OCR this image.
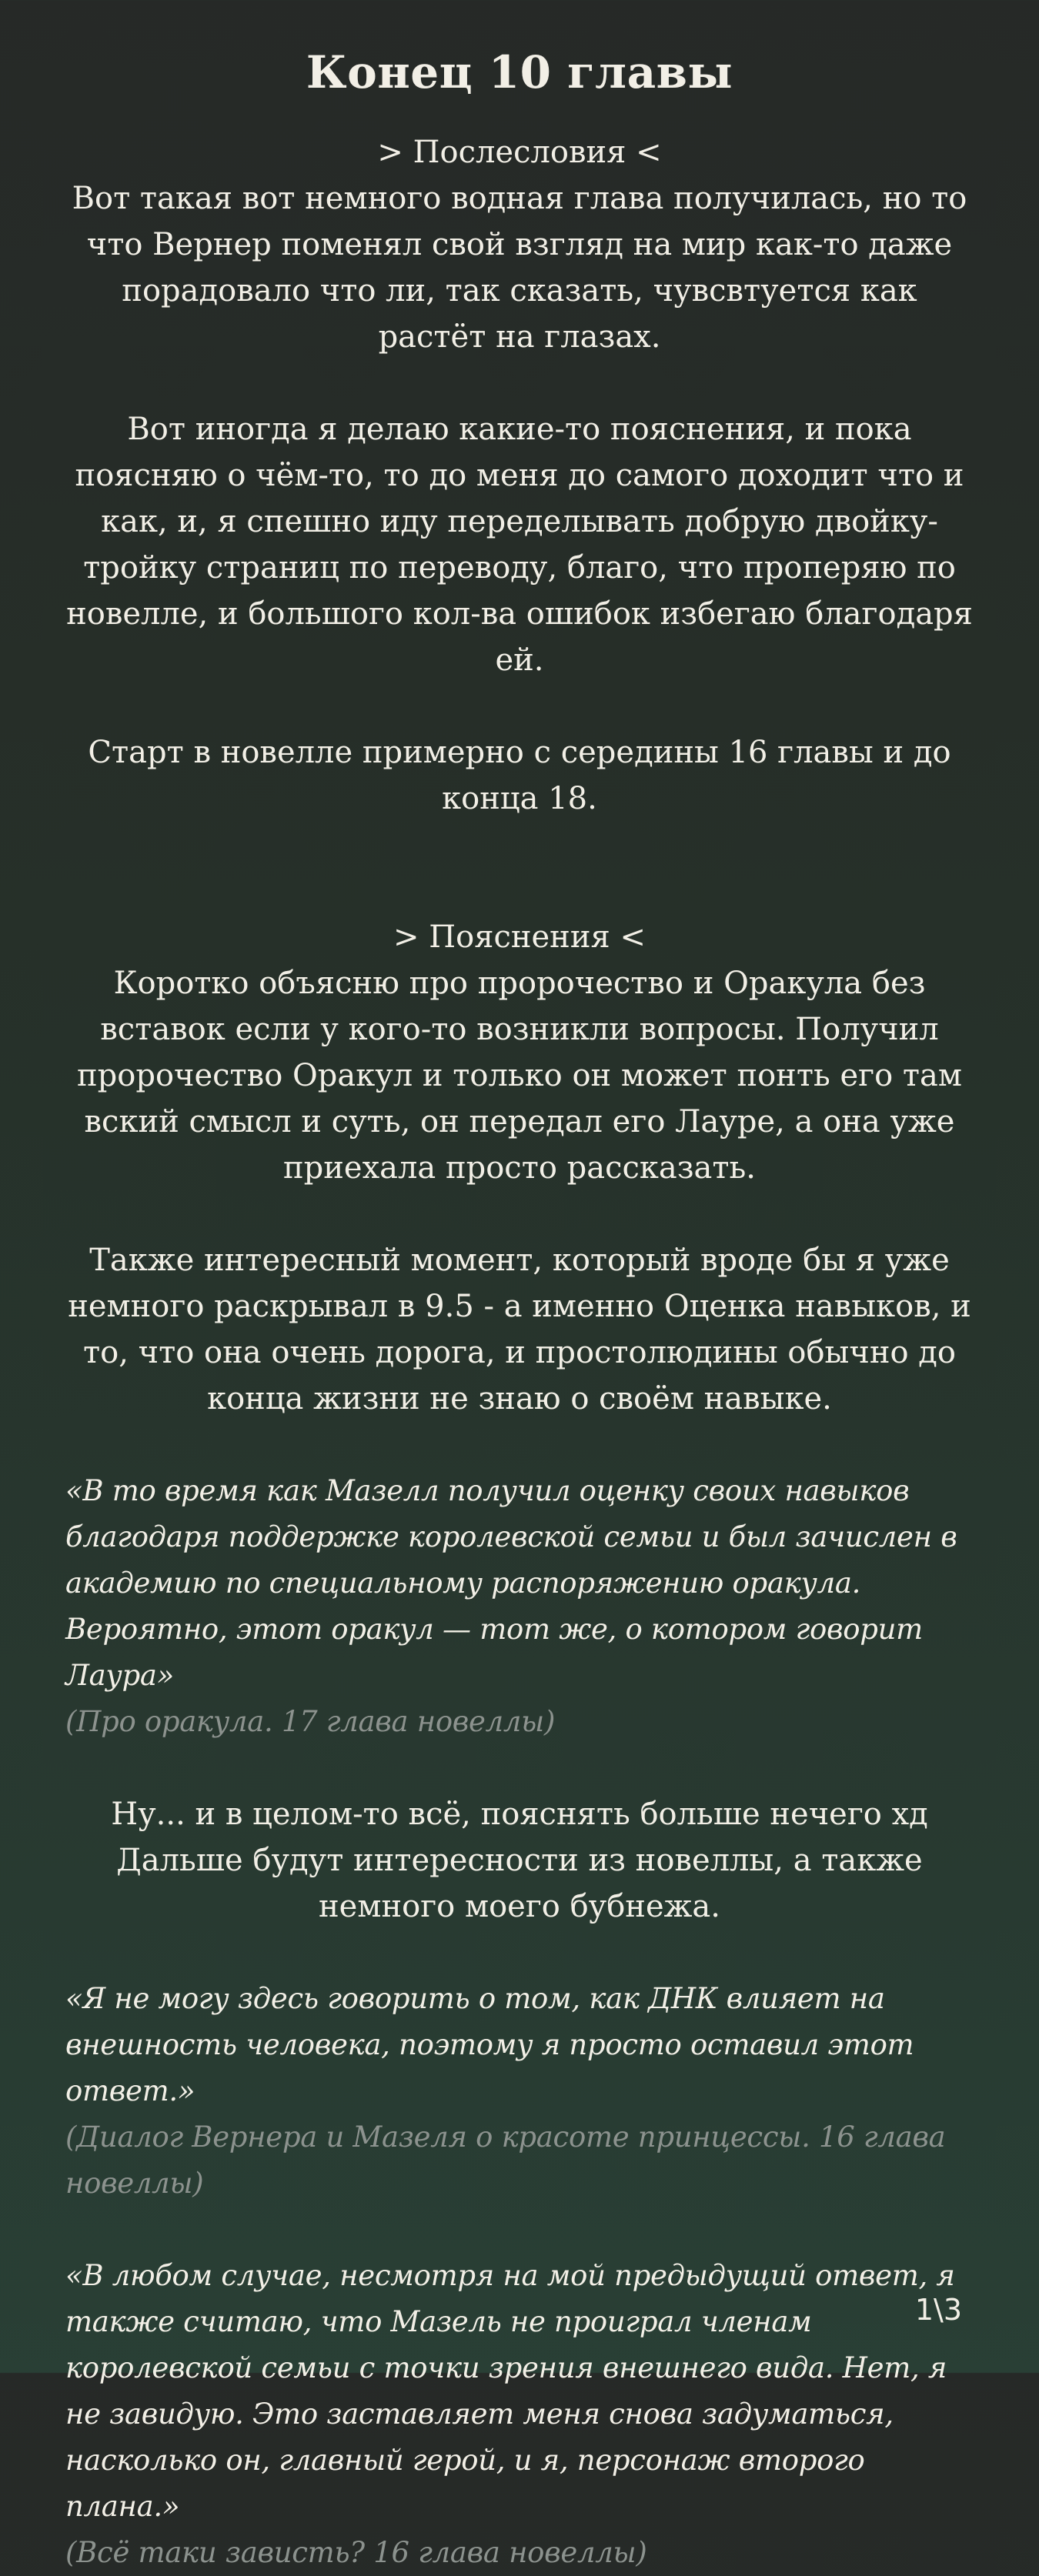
Конец 10 главы

> Послесловия <

Вот такая вот немного водная глава получилась, но то что Вернер поменял свой взгляд на мир как-то даже порадовало что ли, так сказать, чувсвтуется как растёт на глазах.

Вот иногда я делаю какие-то пояснения, и пока поясняю о чём-то, то до меня до самого доходит что и как, и, я спешно иду переделывать добрую двойку-тройку страниц по переводу, благо, что проперяю по новелле, и большого кол-ва ошибок избегаю благодаря ей.

Старт в новелле примерно с середины 16 главы и до конца 18.

> Пояснения <

Коротко объясню про пророчество и Оракула без вставок если у кого-то возникли вопросы. Получил пророчество Оракул и только он может понть его там вский смысл и суть, он передал его Лауре, а она уже приехала просто рассказать.

Также интересный момент, который вроде бы я уже немного раскрывал в 9.5 - а именно Оценка навыков, и то, что она очень дорога, и простолюдины обычно до конца жизни не знаю о своём навыке.

«В то время как Мазелл получил оценку своих навыков благодаря поддержке королевской семьи и был зачислен в академию по специальному распоряжению оракула. Вероятно, этот оракул — тот же, о котором говорит Лаура»

(Про оракула. 17 глава новеллы)

Ну... и в целом-то всё, пояснять больше нечего хд Дальше будут интересности из новеллы, а также немного моего бубнежа.

«Я не могу здесь говорить о том, как ДНК влияет на внешность человека, поэтому я просто оставил этот ответ.»

(Диалог Вернера и Мазеля о красоте принцессы. 16 глава новеллы)

«В любом случае, несмотря на мой предыдущий ответ, я также считаю, что Мазель не проиграл членам королевской семьи с точки зрения внешнего вида. Нет, я не завидую. Это заставляет меня снова задуматься, насколько он, главный герой, и я, персонаж второго плана.»

(Всё таки зависть? 16 глава новеллы)

1\3
